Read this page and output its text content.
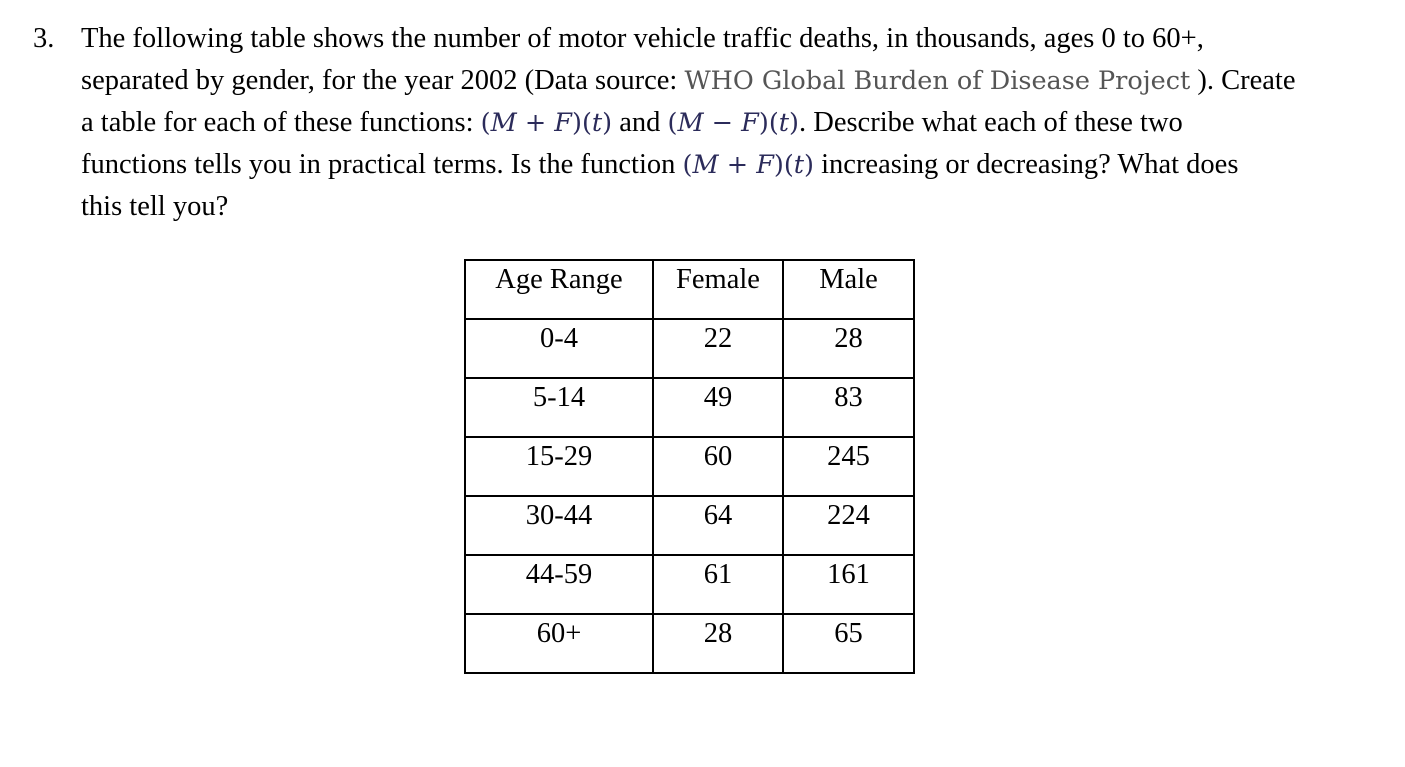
3. The following table shows the number of motor vehicle traffic deaths, in thousands, ages 0 to 60+,
separated by gender, for the year 2002 (Data source: WHO Global Burden of Disease Project ). Create
a table for each of these functions: (M + F)(t) and (M − F)(t). Describe what each of these two
functions tells you in practical terms. Is the function (M + F)(t) increasing or decreasing? What does
this tell you?
Age Range	Female	Male
0-4	22	28
5-14	49	83
15-29	60	245
30-44	64	224
44-59	61	161
60+	28	65
